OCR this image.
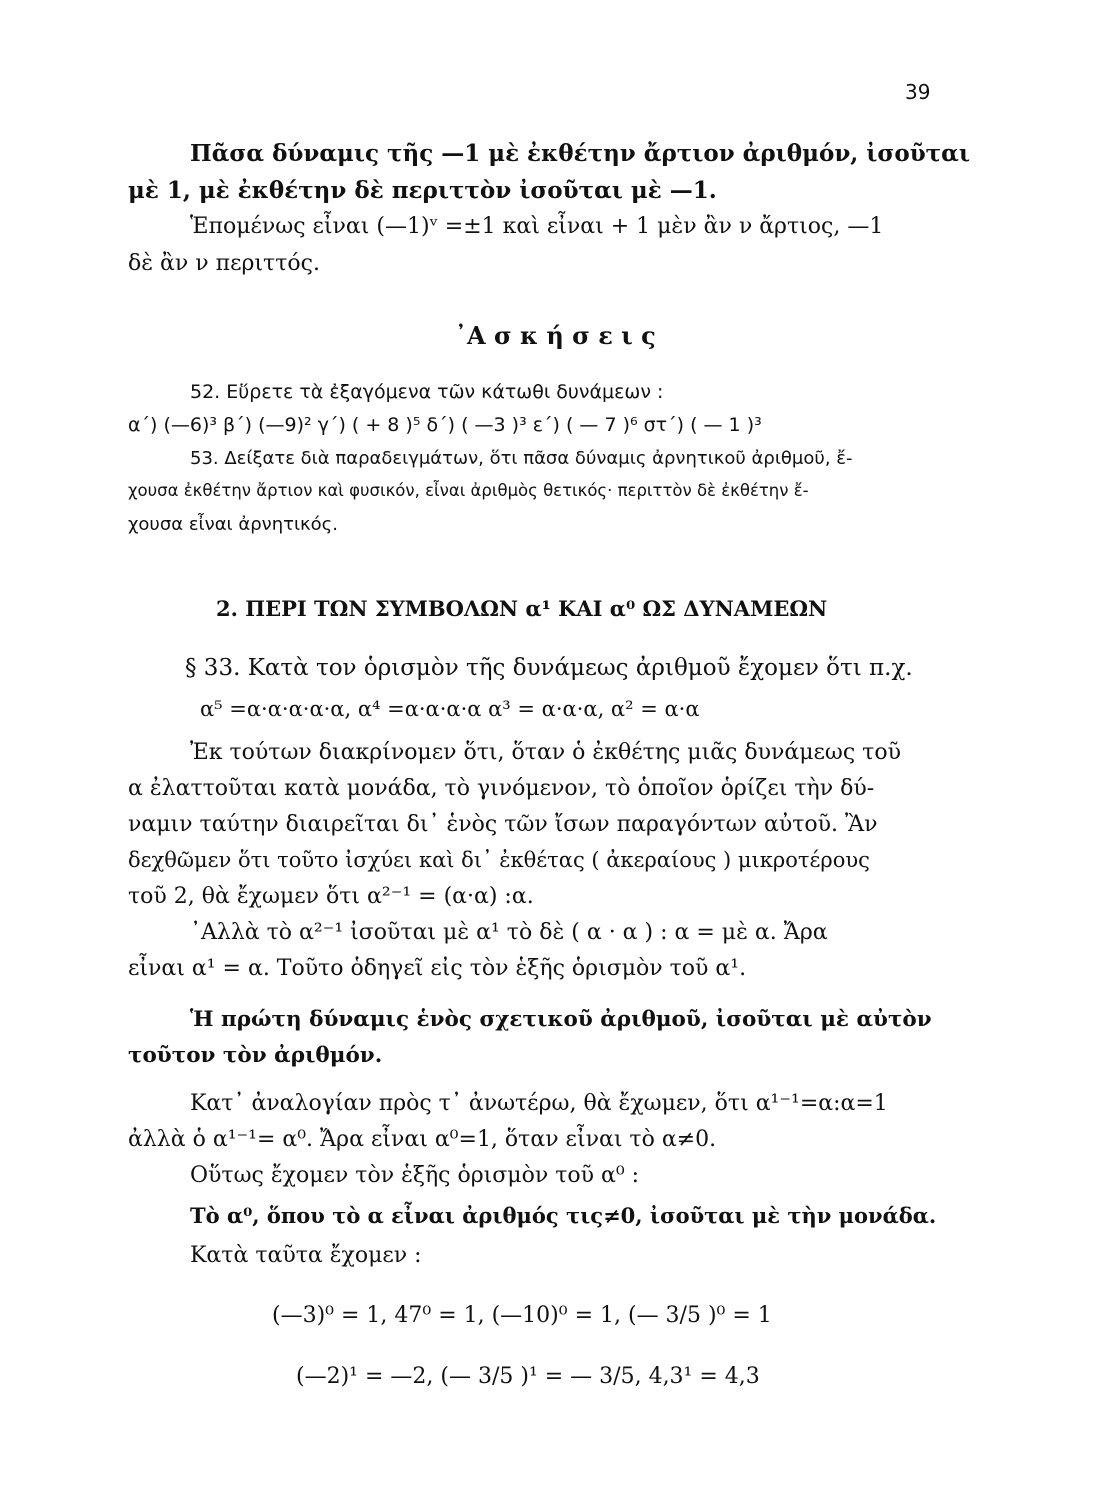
39
Πᾶσα δύναμις τῆς —1 μὲ ἐκθέτην ἄρτιον ἀριθμόν, ἰσοῦται
μὲ 1, μὲ ἐκθέτην δὲ περιττὸν ἰσοῦται μὲ —1.
Ἑπομένως εἶναι (—1)ᵛ =±1 καὶ εἶναι + 1 μὲν ἂν ν ἄρτιος, —1
δὲ ἂν ν περιττός.
᾿Α σ κ ή σ ε ι ς
52. Εὕρετε τὰ ἐξαγόμενα τῶν κάτωθι δυνάμεων :
α΄) (—6)³ β΄) (—9)² γ΄) ( + 8 )⁵ δ΄) ( —3 )³ ε΄) ( — 7 )⁶ στ΄) ( — 1 )³
53. Δείξατε διὰ παραδειγμάτων, ὅτι πᾶσα δύναμις ἀρνητικοῦ ἀριθμοῦ, ἔ-
χουσα ἐκθέτην ἄρτιον καὶ φυσικόν, εἶναι ἀριθμὸς θετικός· περιττὸν δὲ ἐκθέτην ἔ-
χουσα εἶναι ἀρνητικός.
2. ΠΕΡΙ ΤΩΝ ΣΥΜΒΟΛΩΝ α¹ ΚΑΙ α⁰ ΩΣ ΔΥΝΑΜΕΩΝ
§ 33. Κατὰ τον ὁρισμὸν τῆς δυνάμεως ἀριθμοῦ ἔχομεν ὅτι π.χ.
α⁵ =α·α·α·α·α, α⁴ =α·α·α·α α³ = α·α·α, α² = α·α
Ἐκ τούτων διακρίνομεν ὅτι, ὅταν ὁ ἐκθέτης μιᾶς δυνάμεως τοῦ
α ἐλαττοῦται κατὰ μονάδα, τὸ γινόμενον, τὸ ὁποῖον ὁρίζει τὴν δύ-
ναμιν ταύτην διαιρεῖται δι᾿ ἑνὸς τῶν ἴσων παραγόντων αὐτοῦ. Ἂν
δεχθῶμεν ὅτι τοῦτο ἰσχύει καὶ δι᾿ ἐκθέτας ( ἀκεραίους ) μικροτέρους
τοῦ 2, θὰ ἔχωμεν ὅτι α²⁻¹ = (α·α) :α.
᾿Αλλὰ τὸ α²⁻¹ ἰσοῦται μὲ α¹ τὸ δὲ ( α · α ) : α = μὲ α. Ἄρα
εἶναι α¹ = α. Τοῦτο ὁδηγεῖ εἰς τὸν ἑξῆς ὁρισμὸν τοῦ α¹.
Ἡ πρώτη δύναμις ἑνὸς σχετικοῦ ἀριθμοῦ, ἰσοῦται μὲ αὐτὸν
τοῦτον τὸν ἀριθμόν.
Κατ᾿ ἀναλογίαν πρὸς τ᾿ ἀνωτέρω, θὰ ἔχωμεν, ὅτι α¹⁻¹=α:α=1
ἀλλὰ ὁ α¹⁻¹= α⁰. Ἄρα εἶναι α⁰=1, ὅταν εἶναι τὸ α≠0.
Οὕτως ἔχομεν τὸν ἑξῆς ὁρισμὸν τοῦ α⁰ :
Τὸ α⁰, ὅπου τὸ α εἶναι ἀριθμός τις≠0, ἰσοῦται μὲ τὴν μονάδα.
Κατὰ ταῦτα ἔχομεν :
(—3)⁰ = 1, 47⁰ = 1, (—10)⁰ = 1, (— 3/5 )⁰ = 1
(—2)¹ = —2, (— 3/5 )¹ = — 3/5, 4,3¹ = 4,3
